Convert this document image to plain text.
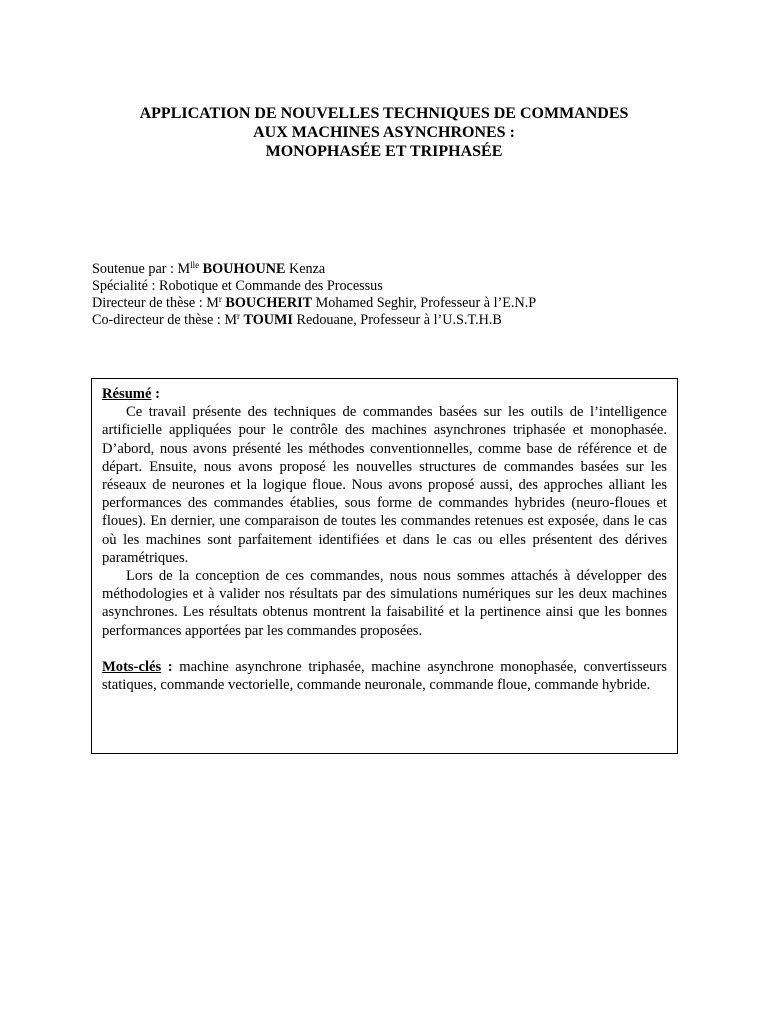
APPLICATION DE NOUVELLES TECHNIQUES DE COMMANDES
AUX MACHINES ASYNCHRONES :
MONOPHASÉE ET TRIPHASÉE
Soutenue par : $M^{lle}$ BOUHOUNE Kenza
Spécialité : Robotique et Commande des Processus
Directeur de thèse : $M^r$ BOUCHERIT Mohamed Seghir, Professeur à l’E.N.P
Co-directeur de thèse : $M^r$ TOUMI Redouane, Professeur à l’U.S.T.H.B
Résumé :

Ce travail présente des techniques de commandes basées sur les outils de l’intelligence artificielle appliquées pour le contrôle des machines asynchrones triphasée et monophasée. D’abord, nous avons présenté les méthodes conventionnelles, comme base de référence et de départ. Ensuite, nous avons proposé les nouvelles structures de commandes basées sur les réseaux de neurones et la logique floue. Nous avons proposé aussi, des approches alliant les performances des commandes établies, sous forme de commandes hybrides (neuro-floues et floues). En dernier, une comparaison de toutes les commandes retenues est exposée, dans le cas où les machines sont parfaitement identifiées et dans le cas ou elles présentent des dérives paramétriques.

Lors de la conception de ces commandes, nous nous sommes attachés à développer des méthodologies et à valider nos résultats par des simulations numériques sur les deux machines asynchrones. Les résultats obtenus montrent la faisabilité et la pertinence ainsi que les bonnes performances apportées par les commandes proposées.

Mots-clés : machine asynchrone triphasée, machine asynchrone monophasée, convertisseurs statiques, commande vectorielle, commande neuronale, commande floue, commande hybride.
